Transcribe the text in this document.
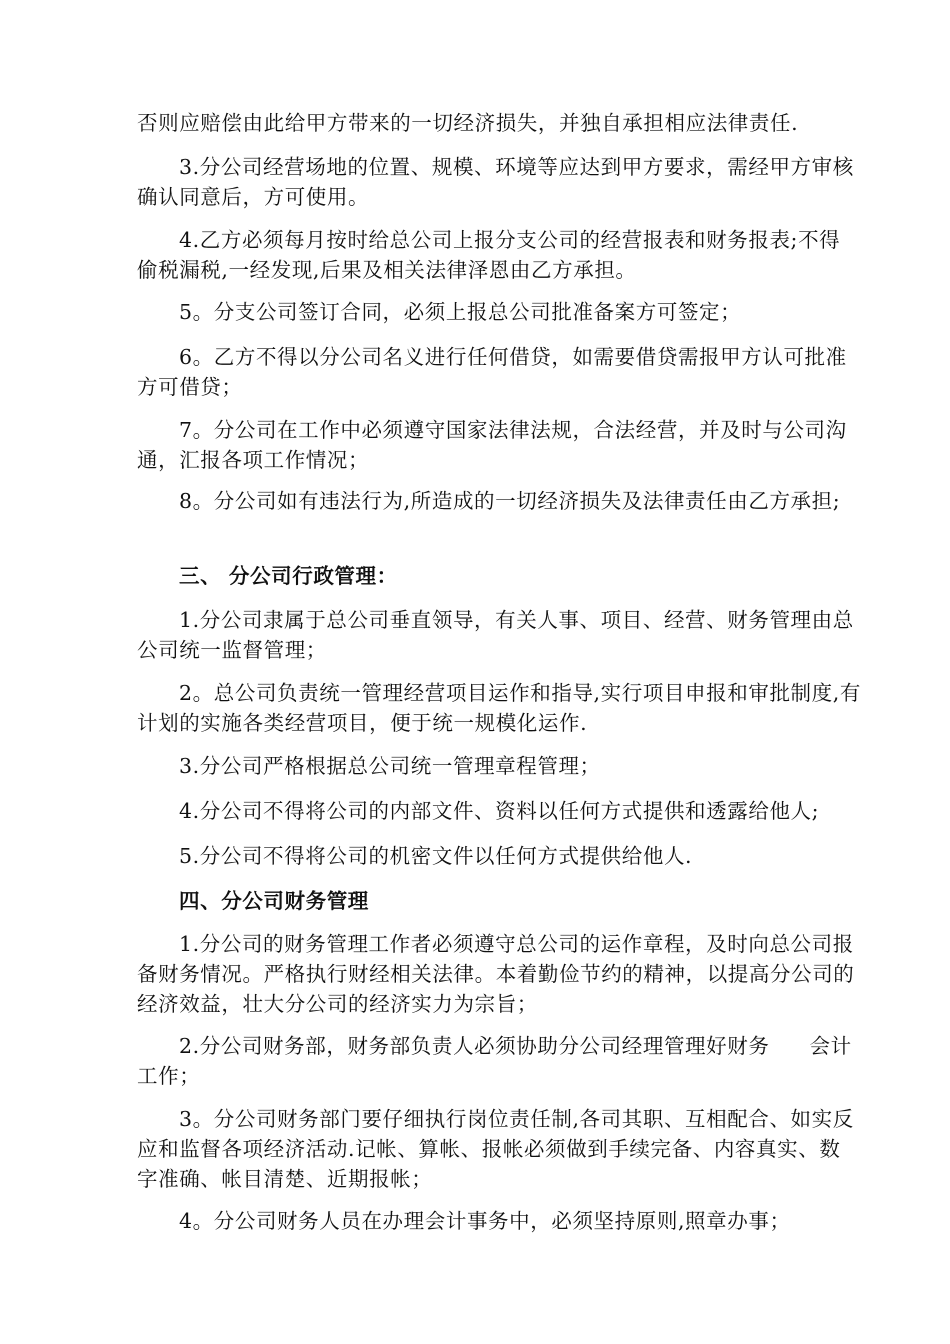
否则应赔偿由此给甲方带来的一切经济损失，并独自承担相应法律责任.

3.分公司经营场地的位置、规模、环境等应达到甲方要求，需经甲方审核确认同意后，方可使用。

4.乙方必须每月按时给总公司上报分支公司的经营报表和财务报表;不得偷税漏税,一经发现,后果及相关法律泽恩由乙方承担。

5。分支公司签订合同，必须上报总公司批准备案方可签定；

6。乙方不得以分公司名义进行任何借贷，如需要借贷需报甲方认可批准方可借贷；

7。分公司在工作中必须遵守国家法律法规，合法经营，并及时与公司沟通，汇报各项工作情况；

8。分公司如有违法行为,所造成的一切经济损失及法律责任由乙方承担;

三、 分公司行政管理：

1.分公司隶属于总公司垂直领导，有关人事、项目、经营、财务管理由总公司统一监督管理；

2。总公司负责统一管理经营项目运作和指导,实行项目申报和审批制度,有计划的实施各类经营项目，便于统一规模化运作.

3.分公司严格根据总公司统一管理章程管理；

4.分公司不得将公司的内部文件、资料以任何方式提供和透露给他人;

5.分公司不得将公司的机密文件以任何方式提供给他人.

四、分公司财务管理

1.分公司的财务管理工作者必须遵守总公司的运作章程，及时向总公司报备财务情况。严格执行财经相关法律。本着勤俭节约的精神，以提高分公司的经济效益，壮大分公司的经济实力为宗旨；

2.分公司财务部，财务部负责人必须协助分公司经理管理好财务 会计工作；

3。分公司财务部门要仔细执行岗位责任制,各司其职、互相配合、如实反应和监督各项经济活动.记帐、算帐、报帐必须做到手续完备、内容真实、数字准确、帐目清楚、近期报帐；

4。分公司财务人员在办理会计事务中，必须坚持原则,照章办事；
